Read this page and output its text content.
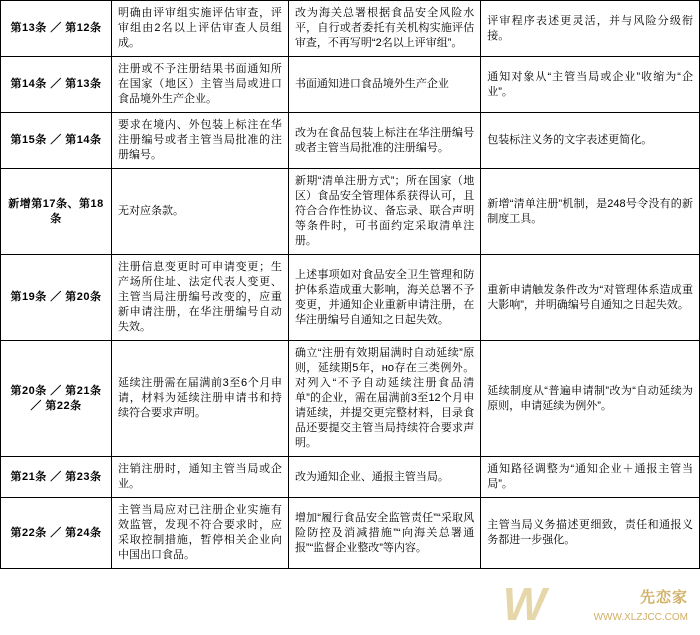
第13条 ／ 第12条	明确由评审组实施评估审查，评审组由2名以上评估审查人员组成。	改为海关总署根据食品安全风险水平，自行或者委托有关机构实施评估审查，不再写明“2名以上评审组”。	评审程序表述更灵活，并与风险分级衔接。
第14条 ／ 第13条	注册或不予注册结果书面通知所在国家（地区）主管当局或进口食品境外生产企业。	书面通知进口食品境外生产企业	通知对象从“主管当局或企业”收缩为“企业”。
第15条 ／ 第14条	要求在境内、外包装上标注在华注册编号或者主管当局批准的注册编号。	改为在食品包装上标注在华注册编号或者主管当局批准的注册编号。	包装标注义务的文字表述更简化。
新增第17条、第18条	无对应条款。	新期“清单注册方式”；所在国家（地区）食品安全管理体系获得认可，且符合合作性协议、备忘录、联合声明等条件时，可书面约定采取清单注册。	新增“清单注册”机制，是248号令没有的新制度工具。
第19条 ／ 第20条	注册信息变更时可申请变更；生产场所住址、法定代表人变更、主管当局注册编号改变的，应重新申请注册，在华注册编号自动失效。	上述事项如对食品安全卫生管理和防护体系造成重大影响，海关总署不予变更，并通知企业重新申请注册，在华注册编号自通知之日起失效。	重新申请触发条件改为“对管理体系造成重大影响”，并明确编号自通知之日起失效。
第20条 ／ 第21条 ／ 第22条	延续注册需在届满前3至6个月申请，材料为延续注册申请书和持续符合要求声明。	确立“注册有效期届满时自动延续”原则，延续期5年，но存在三类例外。对列入“不予自动延续注册食品清单”的企业，需在届满前3至12个月申请延续，并提交更完整材料，目录食品还要提交主管当局持续符合要求声明。	延续制度从“普遍申请制”改为“自动延续为原则，申请延续为例外”。
第21条 ／ 第23条	注销注册时，通知主管当局或企业。	改为通知企业、通报主管当局。	通知路径调整为“通知企业＋通报主管当局”。
第22条 ／ 第24条	主管当局应对已注册企业实施有效监管，发现不符合要求时，应采取控制措施，暂停相关企业向中国出口食品。	增加“履行食品安全监管责任”“采取风险防控及消减措施”“向海关总署通报”“监督企业整改”等内容。	主管当局义务描述更细致，责任和通报义务都进一步强化。
W	先恋家
WWW.XLZJCC.COM
